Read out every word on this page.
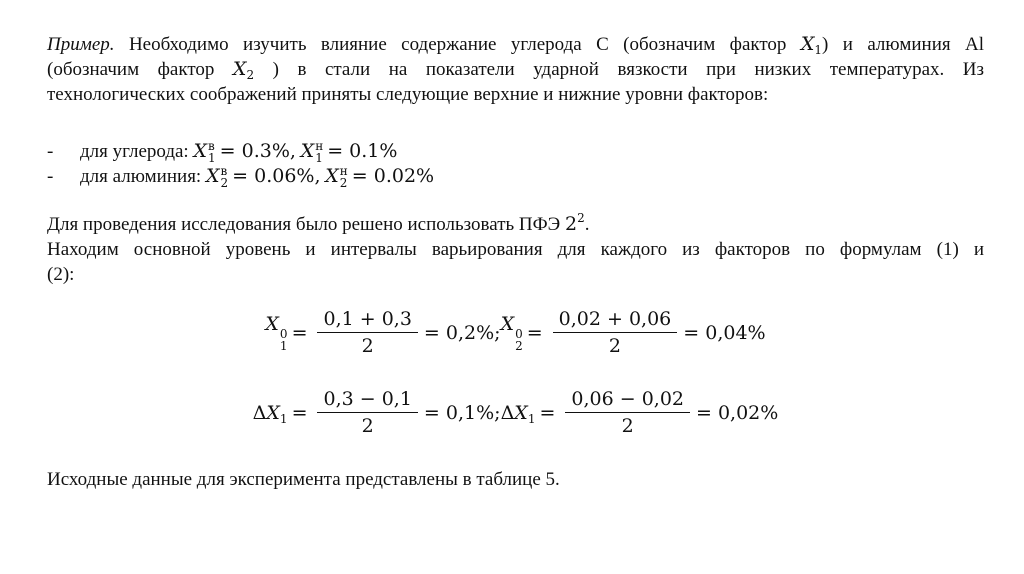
Пример. Необходимо изучить влияние содержание углерода С (обозначим фактор $X_1$) и алюминия Al
(обозначим фактор $X_2$ ) в стали на показатели ударной вязкости при низких температурах. Из
технологических соображений приняты следующие верхние и нижние уровни факторов:
-	для углерода:
X в
1 = 0.3%,
X н
1 = 0.1%
-	для алюминия:
X в
2 = 0.06%,
X н
2 = 0.02%
Для проведения исследования было решено использовать ПФЭ $2^2$.
Находим основной уровень и интервалы варьирования для каждого из факторов по формулам (1) и
(2):
X 0
1
= $\frac{0,1 + 0,3}{2} = 0,2\%$; X 0
2
= $\frac{0,02 + 0,06}{2} = 0,04\%$
Δ $X_1 = \frac{0,3 - 0,1}{2} = 0,1\%$; Δ $X_1 = \frac{0,06 - 0,02}{2} = 0,02\%$
Исходные данные для эксперимента представлены в таблице 5.
